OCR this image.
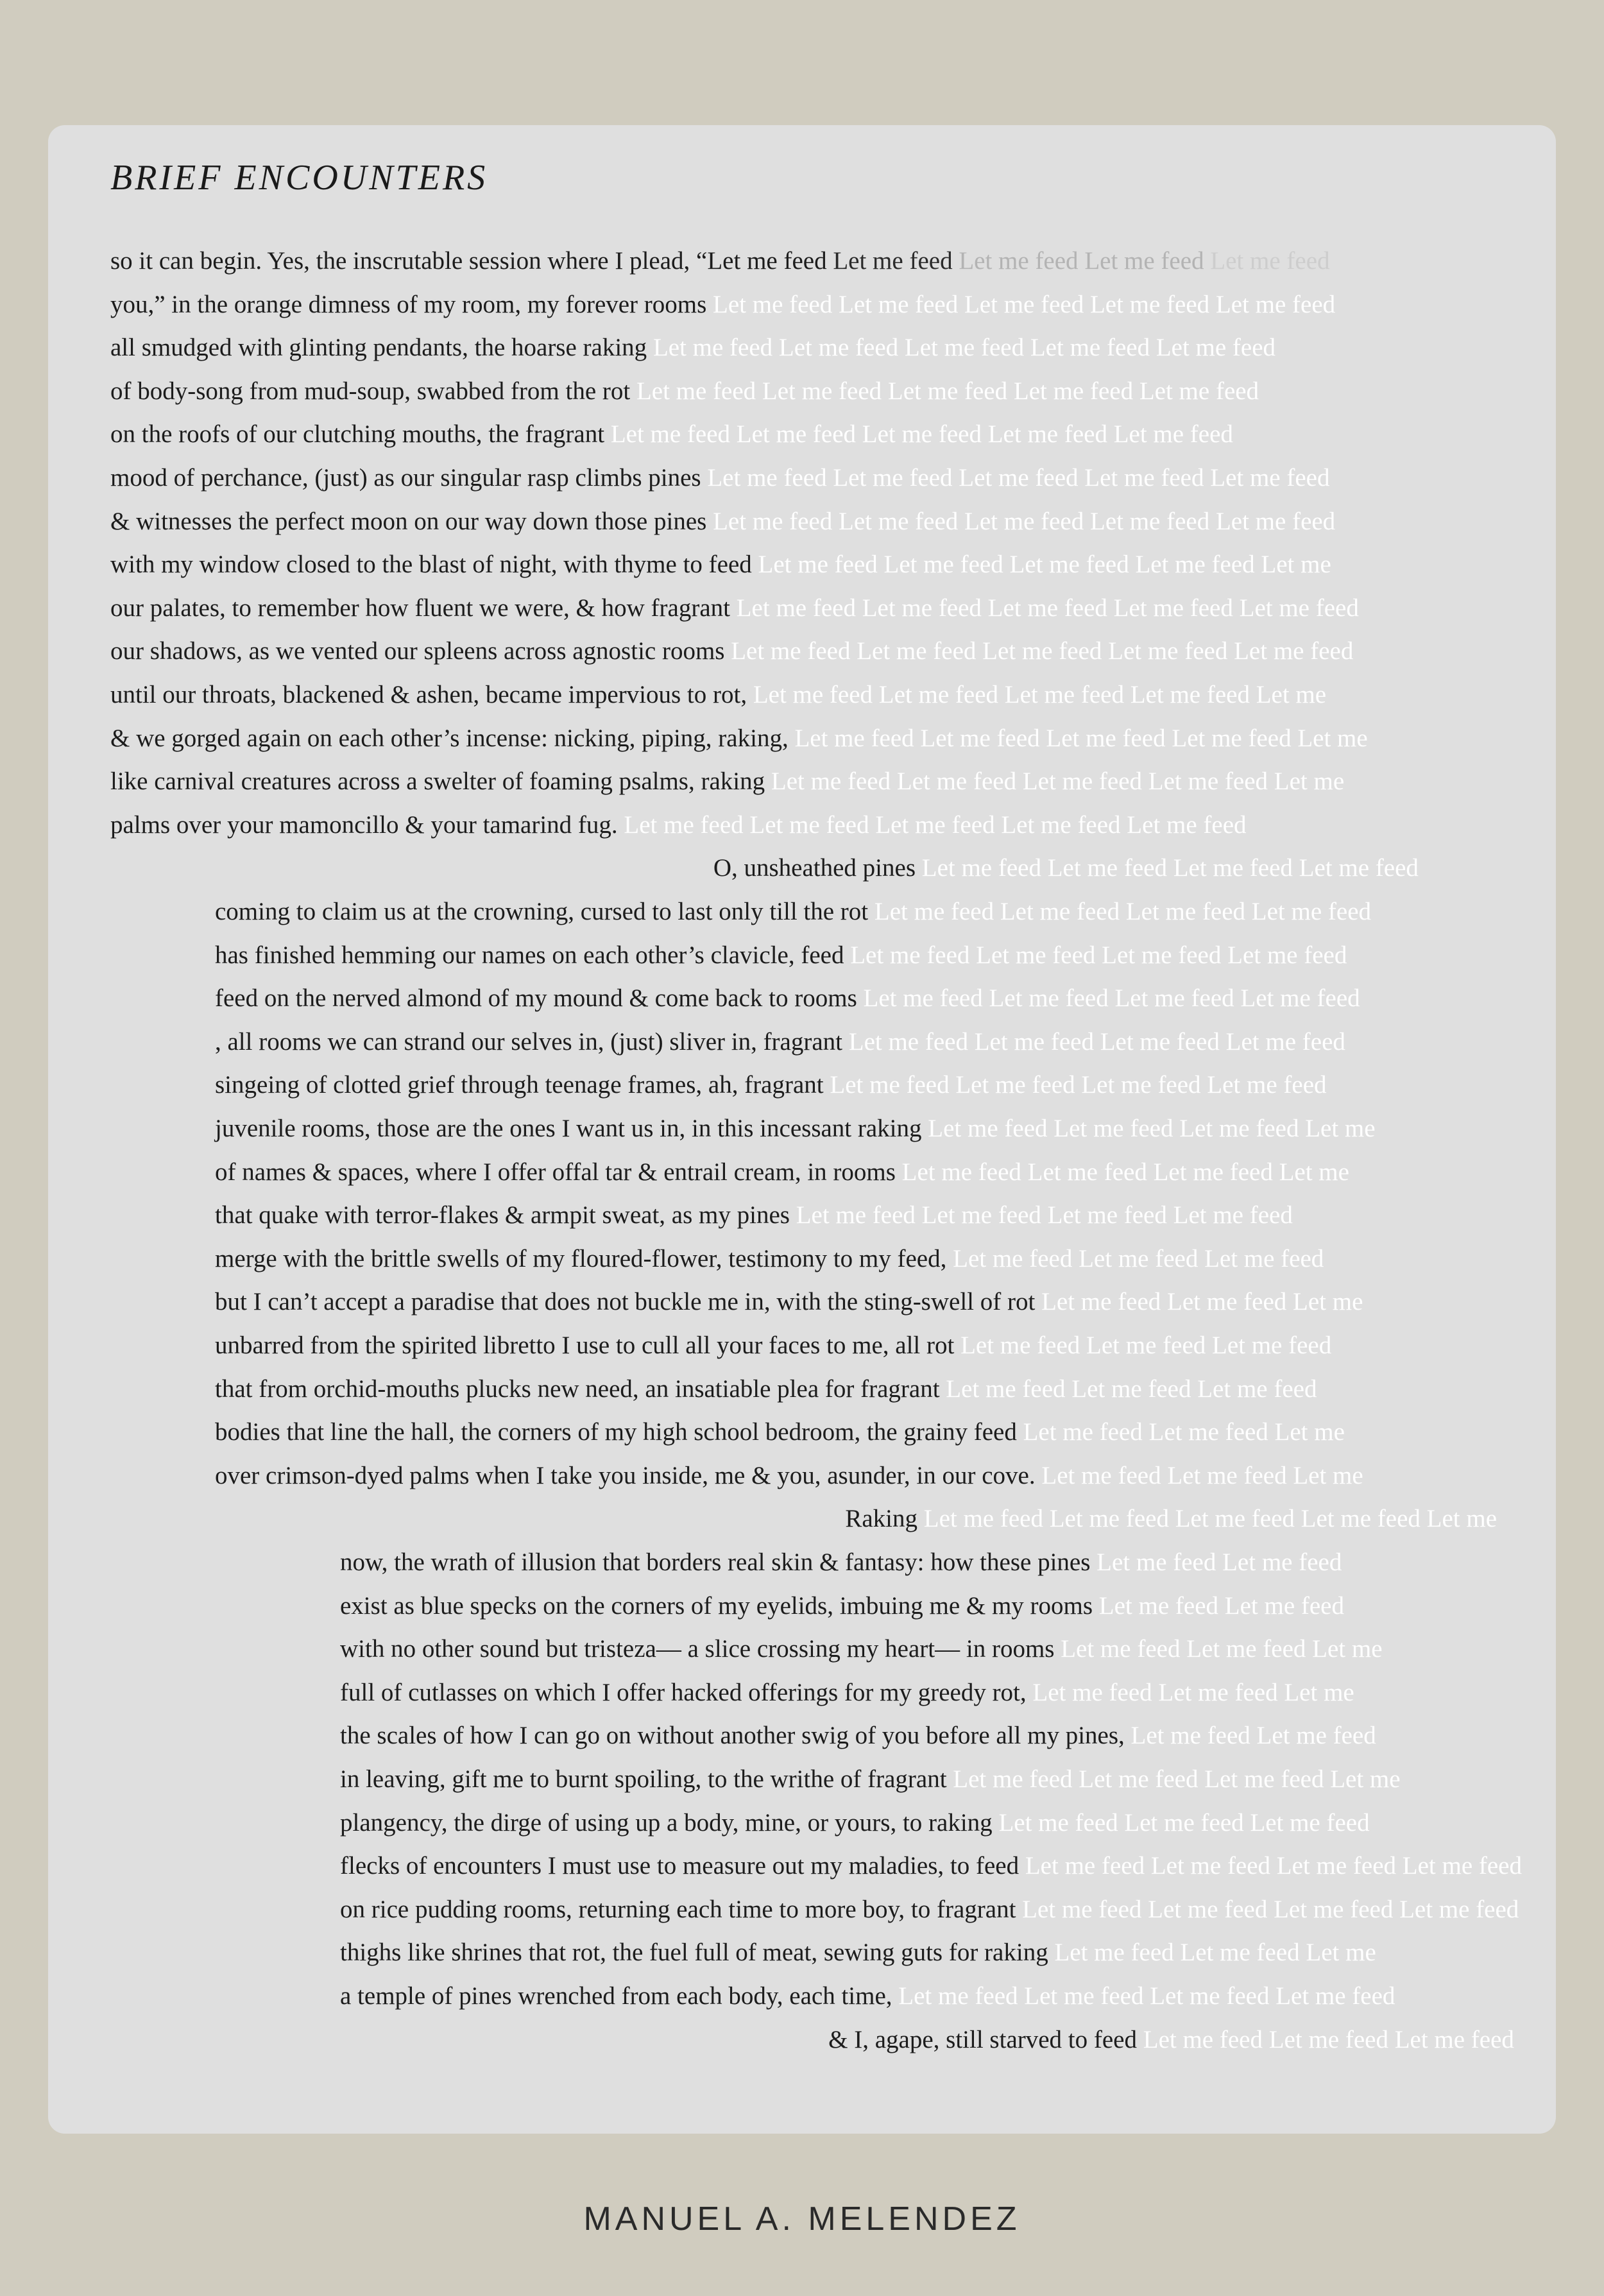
BRIEF ENCOUNTERS
so it can begin. Yes, the inscrutable session where I plead, “Let me feed Let me feed Let me feed Let me feed Let me feed
you,” in the orange dimness of my room, my forever rooms Let me feed Let me feed Let me feed Let me feed Let me feed
all smudged with glinting pendants, the hoarse raking Let me feed Let me feed Let me feed Let me feed Let me feed
of body-song from mud-soup, swabbed from the rot Let me feed Let me feed Let me feed Let me feed Let me feed
on the roofs of our clutching mouths, the fragrant Let me feed Let me feed Let me feed Let me feed Let me feed
mood of perchance, (just) as our singular rasp climbs pines Let me feed Let me feed Let me feed Let me feed Let me feed
& witnesses the perfect moon on our way down those pines Let me feed Let me feed Let me feed Let me feed Let me feed
with my window closed to the blast of night, with thyme to feed Let me feed Let me feed Let me feed Let me feed Let me
our palates, to remember how fluent we were, & how fragrant Let me feed Let me feed Let me feed Let me feed Let me feed
our shadows, as we vented our spleens across agnostic rooms Let me feed Let me feed Let me feed Let me feed Let me feed
until our throats, blackened & ashen, became impervious to rot, Let me feed Let me feed Let me feed Let me feed Let me
& we gorged again on each other’s incense: nicking, piping, raking, Let me feed Let me feed Let me feed Let me feed Let me
like carnival creatures across a swelter of foaming psalms, raking Let me feed Let me feed Let me feed Let me feed Let me
palms over your mamoncillo & your tamarind fug. Let me feed Let me feed Let me feed Let me feed Let me feed
O, unsheathed pines Let me feed Let me feed Let me feed Let me feed
coming to claim us at the crowning, cursed to last only till the rot Let me feed Let me feed Let me feed Let me feed
has finished hemming our names on each other’s clavicle, feed Let me feed Let me feed Let me feed Let me feed
feed on the nerved almond of my mound & come back to rooms Let me feed Let me feed Let me feed Let me feed
, all rooms we can strand our selves in, (just) sliver in, fragrant Let me feed Let me feed Let me feed Let me feed
singeing of clotted grief through teenage frames, ah, fragrant Let me feed Let me feed Let me feed Let me feed
juvenile rooms, those are the ones I want us in, in this incessant raking Let me feed Let me feed Let me feed Let me
of names & spaces, where I offer offal tar & entrail cream, in rooms Let me feed Let me feed Let me feed Let me
that quake with terror-flakes & armpit sweat, as my pines Let me feed Let me feed Let me feed Let me feed
merge with the brittle swells of my floured-flower, testimony to my feed, Let me feed Let me feed Let me feed
but I can’t accept a paradise that does not buckle me in, with the sting-swell of rot Let me feed Let me feed Let me
unbarred from the spirited libretto I use to cull all your faces to me, all rot Let me feed Let me feed Let me feed
that from orchid-mouths plucks new need, an insatiable plea for fragrant Let me feed Let me feed Let me feed
bodies that line the hall, the corners of my high school bedroom, the grainy feed Let me feed Let me feed Let me
over crimson-dyed palms when I take you inside, me & you, asunder, in our cove. Let me feed Let me feed Let me
Raking Let me feed Let me feed Let me feed Let me feed Let me
now, the wrath of illusion that borders real skin & fantasy: how these pines Let me feed Let me feed
exist as blue specks on the corners of my eyelids, imbuing me & my rooms Let me feed Let me feed
with no other sound but tristeza— a slice crossing my heart— in rooms Let me feed Let me feed Let me
full of cutlasses on which I offer hacked offerings for my greedy rot, Let me feed Let me feed Let me
the scales of how I can go on without another swig of you before all my pines, Let me feed Let me feed
in leaving, gift me to burnt spoiling, to the writhe of fragrant Let me feed Let me feed Let me feed Let me
plangency, the dirge of using up a body, mine, or yours, to raking Let me feed Let me feed Let me feed
flecks of encounters I must use to measure out my maladies, to feed Let me feed Let me feed Let me feed Let me feed
on rice pudding rooms, returning each time to more boy, to fragrant Let me feed Let me feed Let me feed Let me feed
thighs like shrines that rot, the fuel full of meat, sewing guts for raking Let me feed Let me feed Let me
a temple of pines wrenched from each body, each time, Let me feed Let me feed Let me feed Let me feed
& I, agape, still starved to feed Let me feed Let me feed Let me feed

MANUEL A. MELENDEZ
